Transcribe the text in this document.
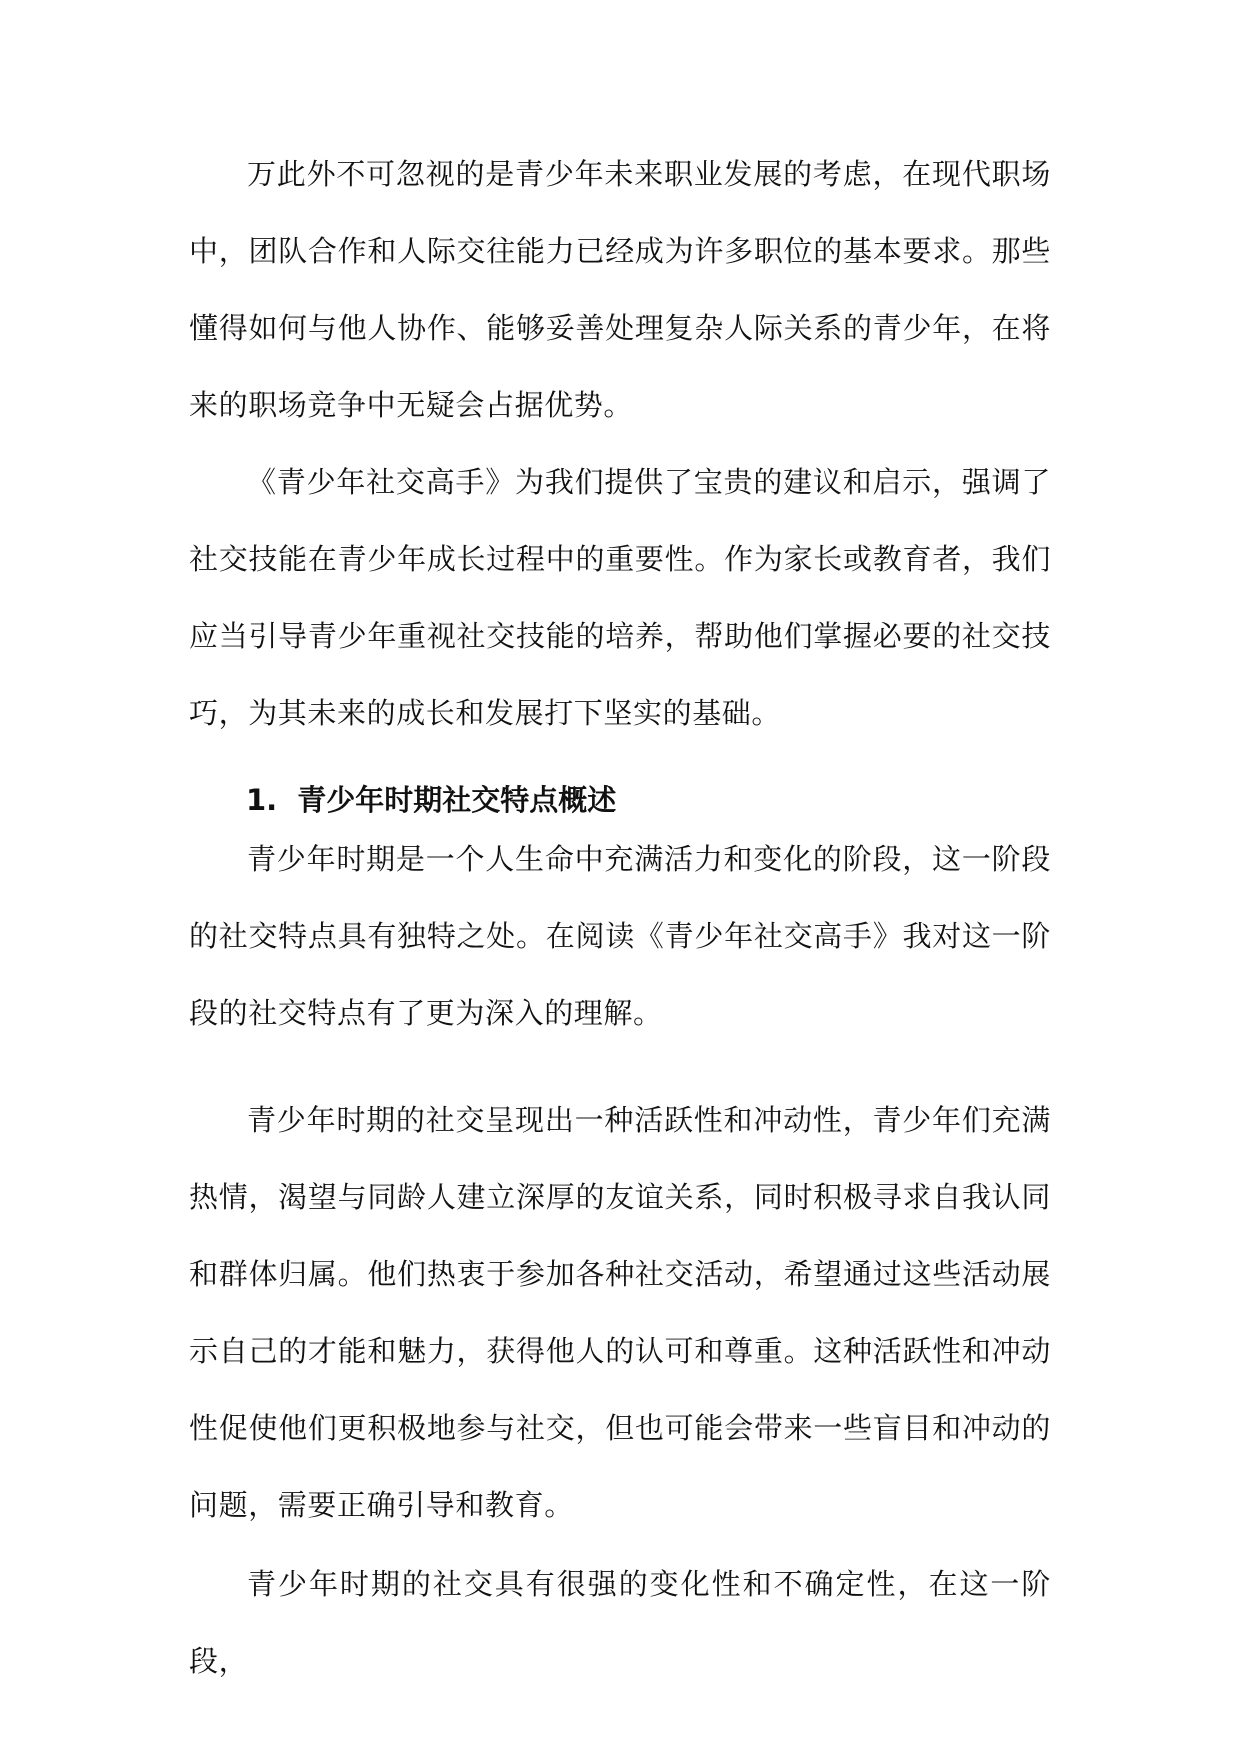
万此外不可忽视的是青少年未来职业发展的考虑，在现代职场中，团队合作和人际交往能力已经成为许多职位的基本要求。那些懂得如何与他人协作、能够妥善处理复杂人际关系的青少年，在将来的职场竞争中无疑会占据优势。

《青少年社交高手》为我们提供了宝贵的建议和启示，强调了社交技能在青少年成长过程中的重要性。作为家长或教育者，我们应当引导青少年重视社交技能的培养，帮助他们掌握必要的社交技巧，为其未来的成长和发展打下坚实的基础。

1. 青少年时期社交特点概述

青少年时期是一个人生命中充满活力和变化的阶段，这一阶段的社交特点具有独特之处。在阅读《青少年社交高手》我对这一阶段的社交特点有了更为深入的理解。

青少年时期的社交呈现出一种活跃性和冲动性，青少年们充满热情，渴望与同龄人建立深厚的友谊关系，同时积极寻求自我认同和群体归属。他们热衷于参加各种社交活动，希望通过这些活动展示自己的才能和魅力，获得他人的认可和尊重。这种活跃性和冲动性促使他们更积极地参与社交，但也可能会带来一些盲目和冲动的问题，需要正确引导和教育。

青少年时期的社交具有很强的变化性和不确定性，在这一阶段，
